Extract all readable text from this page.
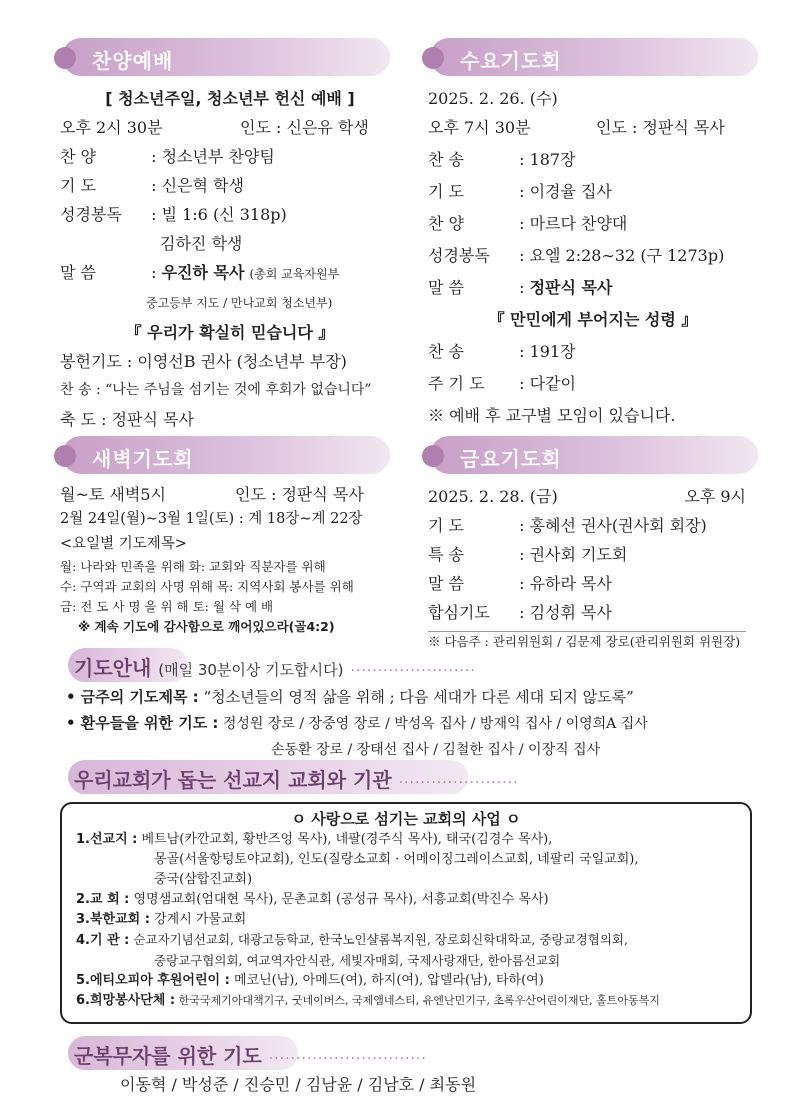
찬양예배
[ 청소년주일, 청소년부 헌신 예배 ]
오후 2시 30분	인도 : 신은유 학생
찬 양	: 청소년부 찬양팀
기 도	: 신은혁 학생
성경봉독 : 빌 1:6 (신 318p)
김하진 학생
말 씀	: 우진하 목사 (총회 교육자원부
중고등부 지도 / 만나교회 청소년부)
『 우리가 확실히 믿습니다 』
봉헌기도 : 이영선B 권사 (청소년부 부장)
찬 송 : “나는 주님을 섬기는 것에 후회가 없습니다”
축 도 : 정판식 목사
수요기도회
2025. 2. 26. (수)
오후 7시 30분	인도 : 정판식 목사
찬 송	: 187장
기 도	: 이경율 집사
찬 양	: 마르다 찬양대
성경봉독 : 요엘 2:28∼32 (구 1273p)
말 씀	: 정판식 목사
『 만민에게 부어지는 성령 』
찬 송	: 191장
주 기 도 : 다같이
※ 예배 후 교구별 모임이 있습니다.
새벽기도회
월~토 새벽5시	인도 : 정판식 목사
2월 24일(월)∼3월 1일(토) : 계 18장∼계 22장
<요일별 기도제목>
월: 나라와 민족을 위해 화: 교회와 직분자를 위해
수: 구역과 교회의 사명 위해 목: 지역사회 봉사를 위해
금: 전 도 사 명 을 위 해 토: 월 삭 예 배
※ 계속 기도에 감사함으로 깨어있으라(골4:2)
금요기도회
2025. 2. 28. (금)	오후 9시
기 도	: 홍혜선 권사(권사회 회장)
특 송	: 권사회 기도회
말 씀	: 유하라 목사
합심기도 : 김성휘 목사
※ 다음주 : 관리위원회 / 김문제 장로(관리위원회 위원장)
기도안내 (매일 30분이상 기도합시다) ·······················
• 금주의 기도제목 : “청소년들의 영적 삶을 위해 ; 다음 세대가 다른 세대 되지 않도록”
• 환우들을 위한 기도 : 정성원 장로 / 장중영 장로 / 박성옥 집사 / 방재익 집사 / 이영희A 집사
손동환 장로 / 장태선 집사 / 김철한 집사 / 이장직 집사
우리교회가 돕는 선교지 교회와 기관 ······················
ㅇ 사랑으로 섬기는 교회의 사업 ㅇ
1.선교지 : 베트남(카깐교회, 황반즈엉 목사), 네팔(경주식 목사), 태국(김경수 목사),
몽골(서울항텅토야교회), 인도(질랑소교회 · 어메이징그레이스교회, 네팔리 국일교회),
중국(삼합진교회)
2.교 회 : 영명샘교회(엄대현 목사), 문촌교회 (공성규 목사), 서흥교회(박진수 목사)
3.북한교회 : 강계시 가물교회
4.기 관 : 순교자기념선교회, 대광고등학교, 한국노인샬롬복지원, 장로회신학대학교, 중랑교경협의회,
중랑교구협의회, 여교역자안식관, 세빛자매회, 국제사랑재단, 한아름선교회
5.에티오피아 후원어린이 : 메코닌(남), 아메드(여), 하지(여), 압델라(남), 타하(여)
6.희망봉사단체 : 한국국제기아대책기구, 굿네이버스, 국제앰네스티, 유엔난민기구, 초록우산어린이재단, 홀트아동복지
군복무자를 위한 기도 ·····························
이동혁 / 박성준 / 진승민 / 김남윤 / 김남호 / 최동원
